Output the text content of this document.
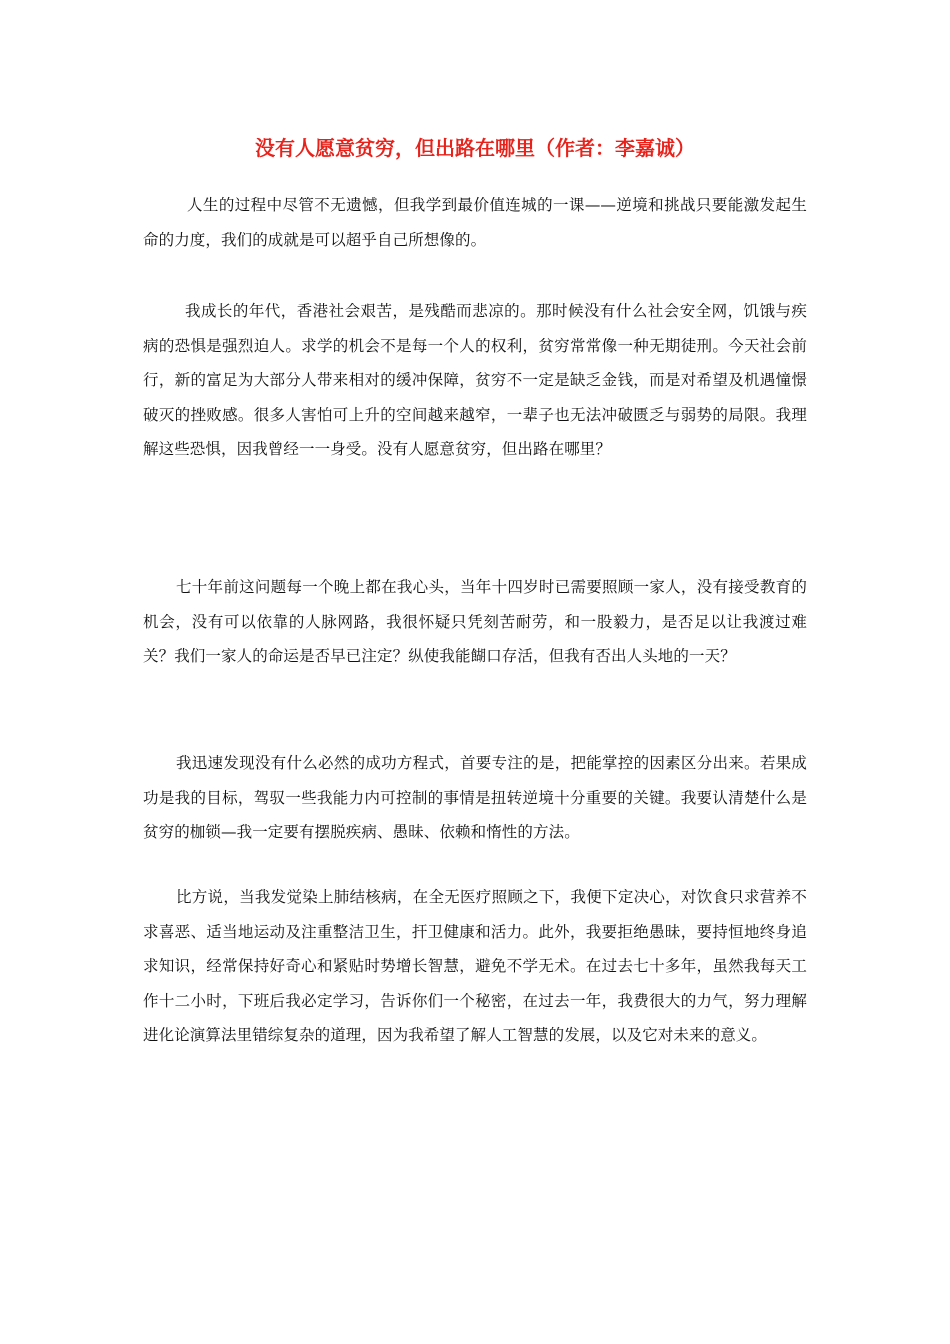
没有人愿意贫穷，但出路在哪里（作者：李嘉诚）

人生的过程中尽管不无遗憾，但我学到最价值连城的一课——逆境和挑战只要能激发起生命的力度，我们的成就是可以超乎自己所想像的。

我成长的年代，香港社会艰苦，是残酷而悲凉的。那时候没有什么社会安全网，饥饿与疾病的恐惧是强烈迫人。求学的机会不是每一个人的权利，贫穷常常像一种无期徒刑。今天社会前行，新的富足为大部分人带来相对的缓冲保障，贫穷不一定是缺乏金钱，而是对希望及机遇憧憬破灭的挫败感。很多人害怕可上升的空间越来越窄，一辈子也无法冲破匮乏与弱势的局限。我理解这些恐惧，因我曾经一一身受。没有人愿意贫穷，但出路在哪里？

七十年前这问题每一个晚上都在我心头，当年十四岁时已需要照顾一家人，没有接受教育的机会，没有可以依靠的人脉网路，我很怀疑只凭刻苦耐劳，和一股毅力，是否足以让我渡过难关？我们一家人的命运是否早已注定？纵使我能餬口存活，但我有否出人头地的一天？

我迅速发现没有什么必然的成功方程式，首要专注的是，把能掌控的因素区分出来。若果成功是我的目标，驾驭一些我能力内可控制的事情是扭转逆境十分重要的关键。我要认清楚什么是贫穷的枷锁—我一定要有摆脱疾病、愚昧、依赖和惰性的方法。

比方说，当我发觉染上肺结核病，在全无医疗照顾之下，我便下定决心，对饮食只求营养不求喜恶、适当地运动及注重整洁卫生，扞卫健康和活力。此外，我要拒绝愚昧，要持恒地终身追求知识，经常保持好奇心和紧贴时势增长智慧，避免不学无术。在过去七十多年，虽然我每天工作十二小时，下班后我必定学习，告诉你们一个秘密，在过去一年，我费很大的力气，努力理解进化论演算法里错综复杂的道理，因为我希望了解人工智慧的发展，以及它对未来的意义。
